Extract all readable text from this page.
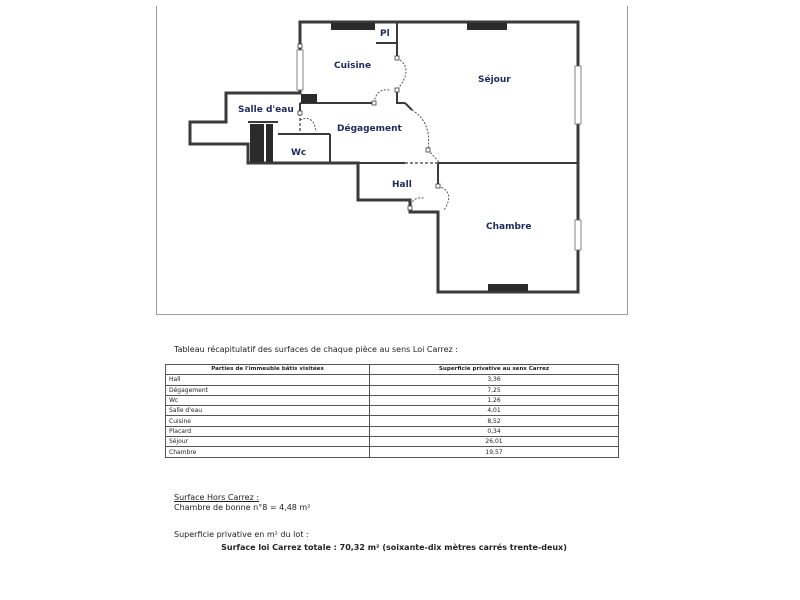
Pl
Cuisine
Séjour
Salle d'eau
Dégagement
Wc
Hall
Chambre
Tableau récapitulatif des surfaces de chaque pièce au sens Loi Carrez :
Parties de l'immeuble bâtis visitées	Superficie privative au sens Carrez
Hall	3,36
Dégagement	7,25
Wc	1,26
Salle d'eau	4,01
Cuisine	8,52
Placard	0,34
Séjour	26,01
Chambre	19,57
Surface Hors Carrez :
Chambre de bonne n°8 = 4,48 m²
Superficie privative en m² du lot :
Surface loi Carrez totale : 70,32 m² (soixante-dix mètres carrés trente-deux)
